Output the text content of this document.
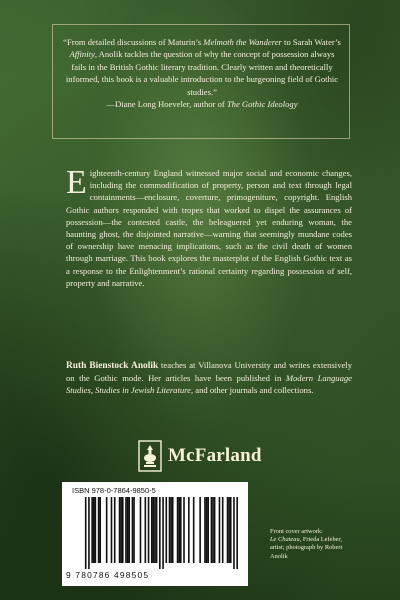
“From detailed discussions of Maturin’s Melmoth the Wanderer to Sarah Water’s Affinity, Anolik tackles the question of why the concept of possession always fails in the British Gothic literary tradition. Clearly written and theoretically informed, this book is a valuable introduction to the burgeoning field of Gothic studies.”
—Diane Long Hoeveler, author of The Gothic Ideology
Eighteenth-century England witnessed major social and economic changes, including the commodification of property, person and text through legal containments—enclosure, coverture, primogeniture, copyright. English Gothic authors responded with tropes that worked to dispel the assurances of possession—the contested castle, the beleaguered yet enduring woman, the haunting ghost, the disjointed narrative—warning that seemingly mundane codes of ownership have menacing implications, such as the civil death of women through marriage. This book explores the masterplot of the English Gothic text as a response to the Enlightenment’s rational certainty regarding possession of self, property and narrative.
Ruth Bienstock Anolik teaches at Villanova University and writes extensively on the Gothic mode. Her articles have been published in Modern Language Studies, Studies in Jewish Literature, and other journals and collections.
McFarland
ISBN 978-0-7864-9850-5
9 780786 498505
Front cover artwork:
Le Chateau, Frieda Lefeber,
artist; photograph by Robert
Anolik
